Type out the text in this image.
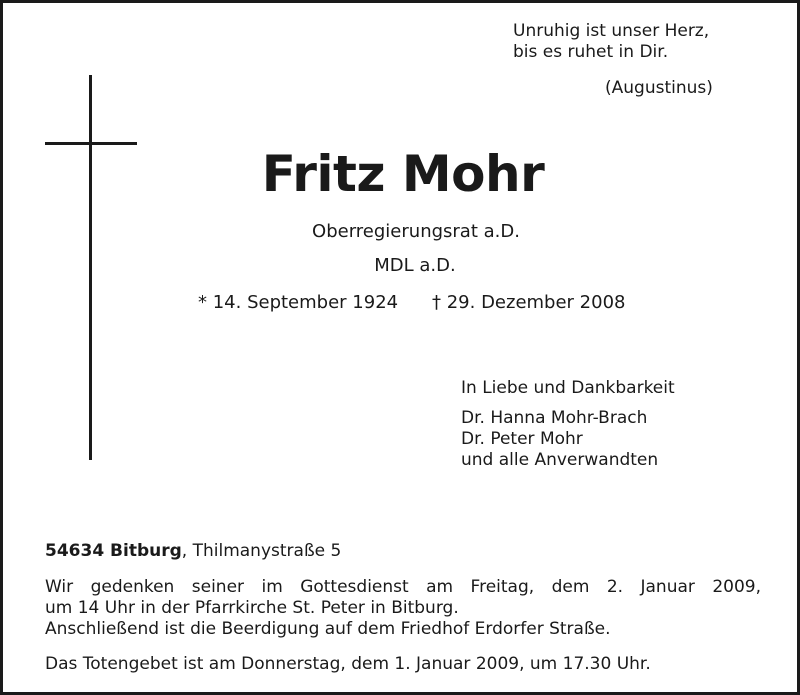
Unruhig ist unser Herz,
bis es ruhet in Dir.
(Augustinus)
Fritz Mohr
Oberregierungsrat a.D.
MDL a.D.
* 14. September 1924 † 29. Dezember 2008
In Liebe und Dankbarkeit
Dr. Hanna Mohr-Brach
Dr. Peter Mohr
und alle Anverwandten
54634 Bitburg, Thilmanystraße 5
Wir gedenken seiner im Gottesdienst am Freitag, dem 2. Januar 2009,
um 14 Uhr in der Pfarrkirche St. Peter in Bitburg.
Anschließend ist die Beerdigung auf dem Friedhof Erdorfer Straße.
Das Totengebet ist am Donnerstag, dem 1. Januar 2009, um 17.30 Uhr.
